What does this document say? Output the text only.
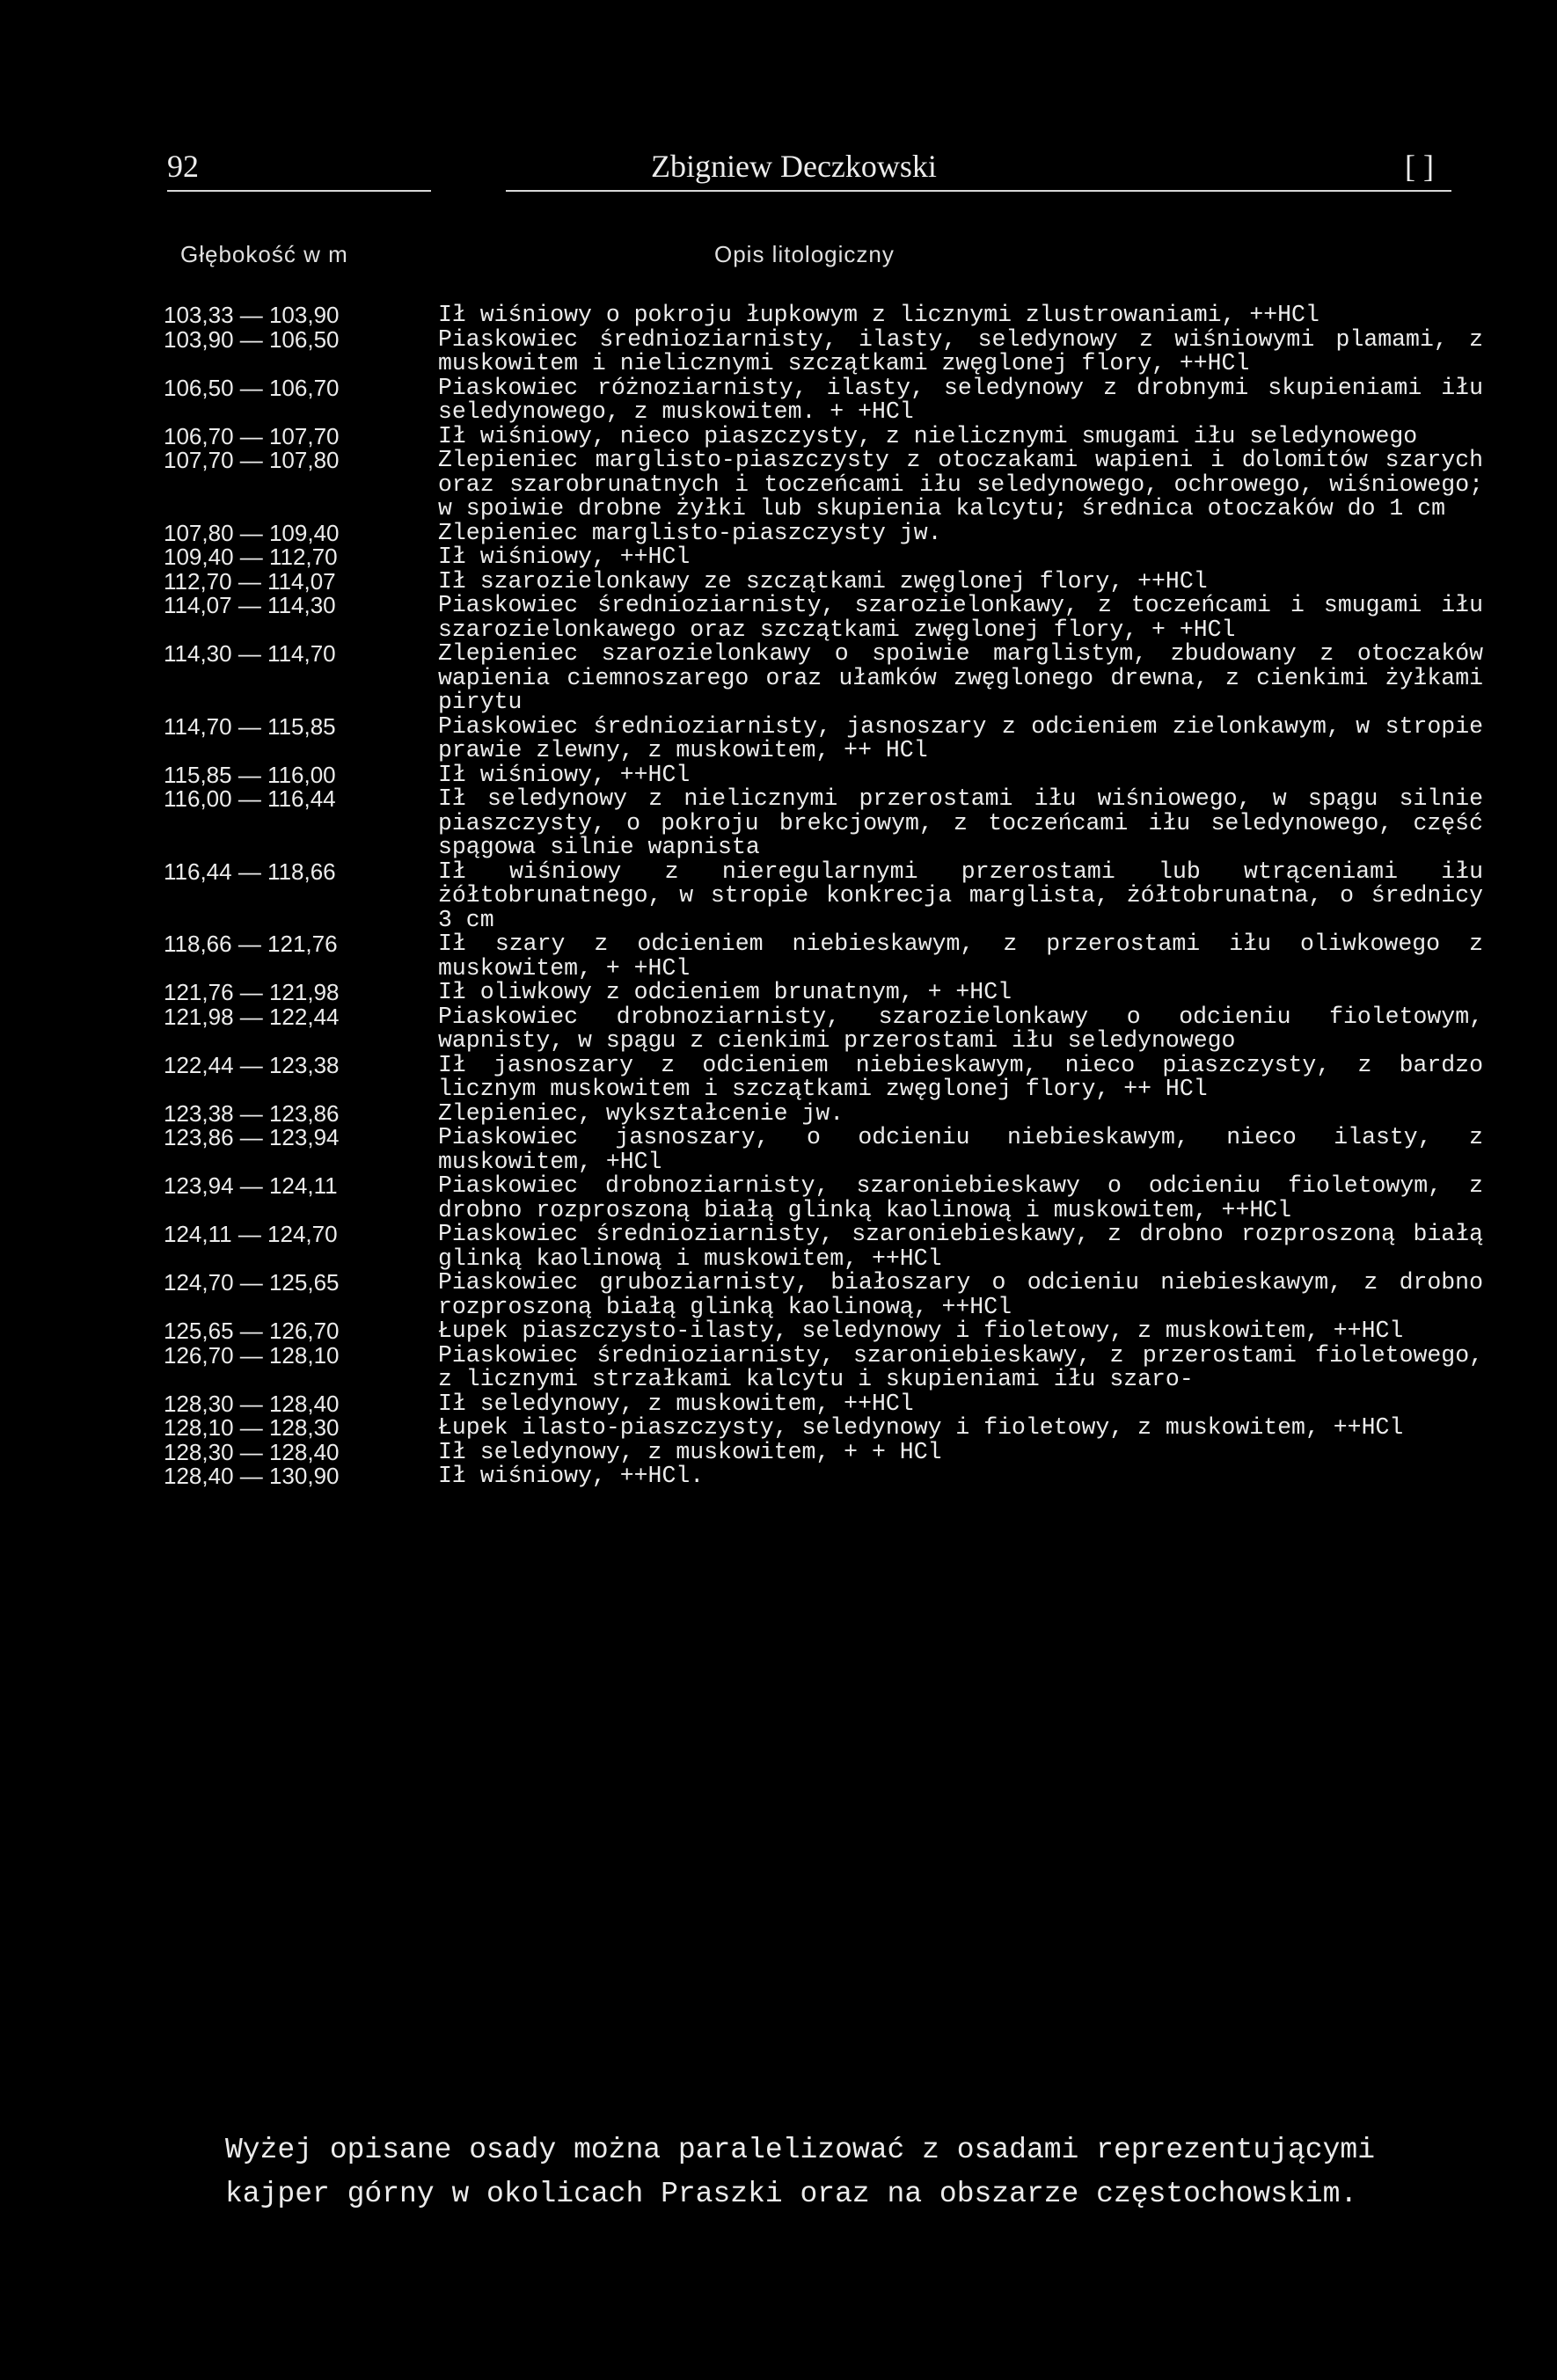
92	Zbigniew Deczkowski	[ ]
Głębokość w m	Opis litologiczny
103,33 — 103,90	Ił wiśniowy o pokroju łupkowym z licznymi zlustrowaniami, ++HCl
103,90 — 106,50	Piaskowiec średnioziarnisty, ilasty, seledynowy z wiśniowymi plamami, z muskowitem i nielicznymi szczątkami zwęglonej flory, ++HCl
106,50 — 106,70	Piaskowiec różnoziarnisty, ilasty, seledynowy z drobnymi skupieniami iłu seledynowego, z muskowitem. + +HCl
106,70 — 107,70	Ił wiśniowy, nieco piaszczysty, z nielicznymi smugami iłu seledynowego
107,70 — 107,80	Zlepieniec marglisto-piaszczysty z otoczakami wapieni i dolomitów szarych oraz szarobrunatnych i toczeńcami iłu seledynowego, ochrowego, wiśniowego; w spoiwie drobne żyłki lub skupienia kalcytu; średnica otoczaków do 1 cm
107,80 — 109,40	Zlepieniec marglisto-piaszczysty jw.
109,40 — 112,70	Ił wiśniowy, ++HCl
112,70 — 114,07	Ił szarozielonkawy ze szczątkami zwęglonej flory, ++HCl
114,07 — 114,30	Piaskowiec średnioziarnisty, szarozielonkawy, z toczeńcami i smugami iłu szarozielonkawego oraz szczątkami zwęglonej flory, + +HCl
114,30 — 114,70	Zlepieniec szarozielonkawy o spoiwie marglistym, zbudowany z otoczaków wapienia ciemnoszarego oraz ułamków zwęglonego drewna, z cienkimi żyłkami pirytu
114,70 — 115,85	Piaskowiec średnioziarnisty, jasnoszary z odcieniem zielonkawym, w stropie prawie zlewny, z muskowitem, ++ HCl
115,85 — 116,00	Ił wiśniowy, ++HCl
116,00 — 116,44	Ił seledynowy z nielicznymi przerostami iłu wiśniowego, w spągu silnie piaszczysty, o pokroju brekcjowym, z toczeńcami iłu seledynowego, część spągowa silnie wapnista
116,44 — 118,66	Ił wiśniowy z nieregularnymi przerostami lub wtrąceniami iłu żółtobrunatnego, w stropie konkrecja marglista, żółtobrunatna, o średnicy 3 cm
118,66 — 121,76	Ił szary z odcieniem niebieskawym, z przerostami iłu oliwkowego z muskowitem, + +HCl
121,76 — 121,98	Ił oliwkowy z odcieniem brunatnym, + +HCl
121,98 — 122,44	Piaskowiec drobnoziarnisty, szarozielonkawy o odcieniu fioletowym, wapnisty, w spągu z cienkimi przerostami iłu seledynowego
122,44 — 123,38	Ił jasnoszary z odcieniem niebieskawym, nieco piaszczysty, z bardzo licznym muskowitem i szczątkami zwęglonej flory, ++ HCl
123,38 — 123,86	Zlepieniec, wykształcenie jw.
123,86 — 123,94	Piaskowiec jasnoszary, o odcieniu niebieskawym, nieco ilasty, z muskowitem, +HCl
123,94 — 124,11	Piaskowiec drobnoziarnisty, szaroniebieskawy o odcieniu fioletowym, z drobno rozproszoną białą glinką kaolinową i muskowitem, ++HCl
124,11 — 124,70	Piaskowiec średnioziarnisty, szaroniebieskawy, z drobno rozproszoną białą glinką kaolinową i muskowitem, ++HCl
124,70 — 125,65	Piaskowiec gruboziarnisty, białoszary o odcieniu niebieskawym, z drobno rozproszoną białą glinką kaolinową, ++HCl
125,65 — 126,70	Łupek piaszczysto-ilasty, seledynowy i fioletowy, z muskowitem, ++HCl
126,70 — 128,10	Piaskowiec średnioziarnisty, szaroniebieskawy, z przerostami fioletowego, z licznymi strzałkami kalcytu i skupieniami iłu szaro-
128,30 — 128,40	Ił seledynowy, z muskowitem, ++HCl
128,10 — 128,30	Łupek ilasto-piaszczysty, seledynowy i fioletowy, z muskowitem, ++HCl
128,30 — 128,40	Ił seledynowy, z muskowitem, + + HCl
128,40 — 130,90	Ił wiśniowy, ++HCl.
Wyżej opisane osady można paralelizować z osadami reprezentującymi kajper górny w okolicach Praszki oraz na obszarze częstochowskim.
